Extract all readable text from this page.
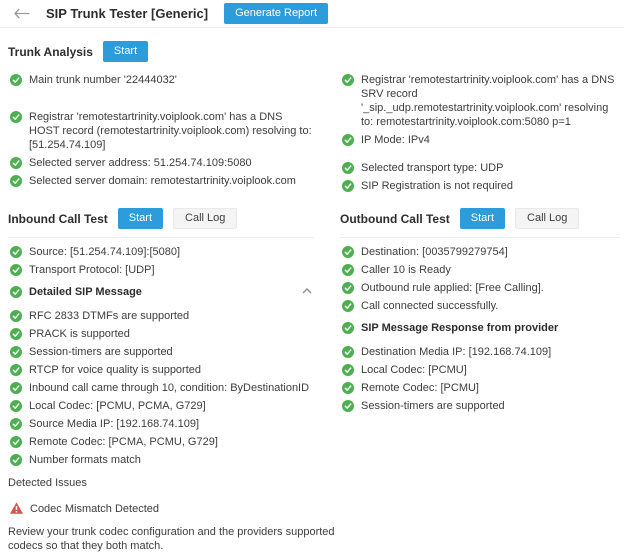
SIP Trunk Tester [Generic]	Generate Report
Trunk Analysis	Start
Main trunk number '22444032'
Registrar 'remotestartrinity.voiplook.com' has a DNS HOST record (remotestartrinity.voiplook.com) resolving to: [51.254.74.109]
Selected server address: 51.254.74.109:5080
Selected server domain: remotestartrinity.voiplook.com
Registrar 'remotestartrinity.voiplook.com' has a DNS SRV record '_sip._udp.remotestartrinity.voiplook.com' resolving to: remotestartrinity.voiplook.com:5080 p=1
IP Mode: IPv4
Selected transport type: UDP
SIP Registration is not required
Inbound Call Test	Start	Call Log
Source: [51.254.74.109]:[5080]
Transport Protocol: [UDP]
Detailed SIP Message
RFC 2833 DTMFs are supported
PRACK is supported
Session-timers are supported
RTCP for voice quality is supported
Inbound call came through 10, condition: ByDestinationID
Local Codec: [PCMU, PCMA, G729]
Source Media IP: [192.168.74.109]
Remote Codec: [PCMA, PCMU, G729]
Number formats match
Detected Issues
Codec Mismatch Detected

Review your trunk codec configuration and the providers supported codecs so that they both match.

Outbound Call Test	Start	Call Log
Destination: [0035799279754]
Caller 10 is Ready
Outbound rule applied: [Free Calling].
Call connected successfully.
SIP Message Response from provider
Destination Media IP: [192.168.74.109]
Local Codec: [PCMU]
Remote Codec: [PCMU]
Session-timers are supported
